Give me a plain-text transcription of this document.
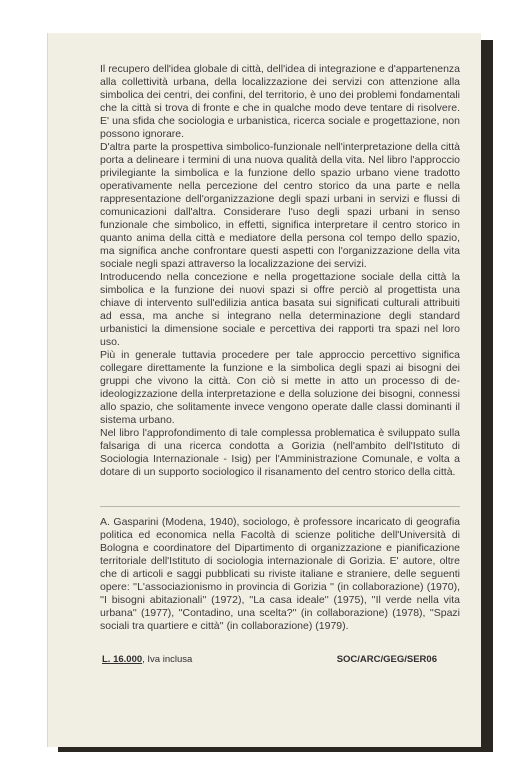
Il recupero dell'idea globale di città, dell'idea di integrazione e d'appartenenza alla collettività urbana, della localizzazione dei servizi con attenzione alla simbolica dei centri, dei confini, del territorio, è uno dei problemi fondamentali che la città si trova di fronte e che in qualche modo deve tentare di risolvere. E' una sfida che sociologia e urbanistica, ricerca sociale e progettazione, non possono ignorare.

D'altra parte la prospettiva simbolico-funzionale nell'interpretazione della città porta a delineare i termini di una nuova qualità della vita. Nel libro l'approccio privilegiante la simbolica e la funzione dello spazio urbano viene tradotto operativamente nella percezione del centro storico da una parte e nella rappresentazione dell'organizzazione degli spazi urbani in servizi e flussi di comunicazioni dall'altra. Considerare l'uso degli spazi urbani in senso funzionale che simbolico, in effetti, significa interpretare il centro storico in quanto anima della città e mediatore della persona col tempo dello spazio, ma significa anche confrontare questi aspetti con l'organizzazione della vita sociale negli spazi attraverso la localizzazione dei servizi.

Introducendo nella concezione e nella progettazione sociale della città la simbolica e la funzione dei nuovi spazi si offre perciò al progettista una chiave di intervento sull'edilizia antica basata sui significati culturali attribuiti ad essa, ma anche si integrano nella determinazione degli standard urbanistici la dimensione sociale e percettiva dei rapporti tra spazi nel loro uso.

Più in generale tuttavia procedere per tale approccio percettivo significa collegare direttamente la funzione e la simbolica degli spazi ai bisogni dei gruppi che vivono la città. Con ciò si mette in atto un processo di de-ideologizzazione della interpretazione e della soluzione dei bisogni, connessi allo spazio, che solitamente invece vengono operate dalle classi dominanti il sistema urbano.

Nel libro l'approfondimento di tale complessa problematica è sviluppato sulla falsariga di una ricerca condotta a Gorizia (nell'ambito dell'Istituto di Sociologia Internazionale - Isig) per l'Amministrazione Comunale, e volta a dotare di un supporto sociologico il risanamento del centro storico della città.

A. Gasparini (Modena, 1940), sociologo, è professore incaricato di geografia politica ed economica nella Facoltà di scienze politiche dell'Università di Bologna e coordinatore del Dipartimento di organizzazione e pianificazione territoriale dell'Istituto di sociologia internazionale di Gorizia. E' autore, oltre che di articoli e saggi pubblicati su riviste italiane e straniere, delle seguenti opere: ''L'associazionismo in provincia di Gorizia '' (in collaborazione) (1970), ''I bisogni abitazionali'' (1972), ''La casa ideale'' (1975), ''Il verde nella vita urbana'' (1977), ''Contadino, una scelta?'' (in collaborazione) (1978), ''Spazi sociali tra quartiere e città'' (in collaborazione) (1979).
L. 16.000, Iva inclusa	SOC/ARC/GEG/SER06
